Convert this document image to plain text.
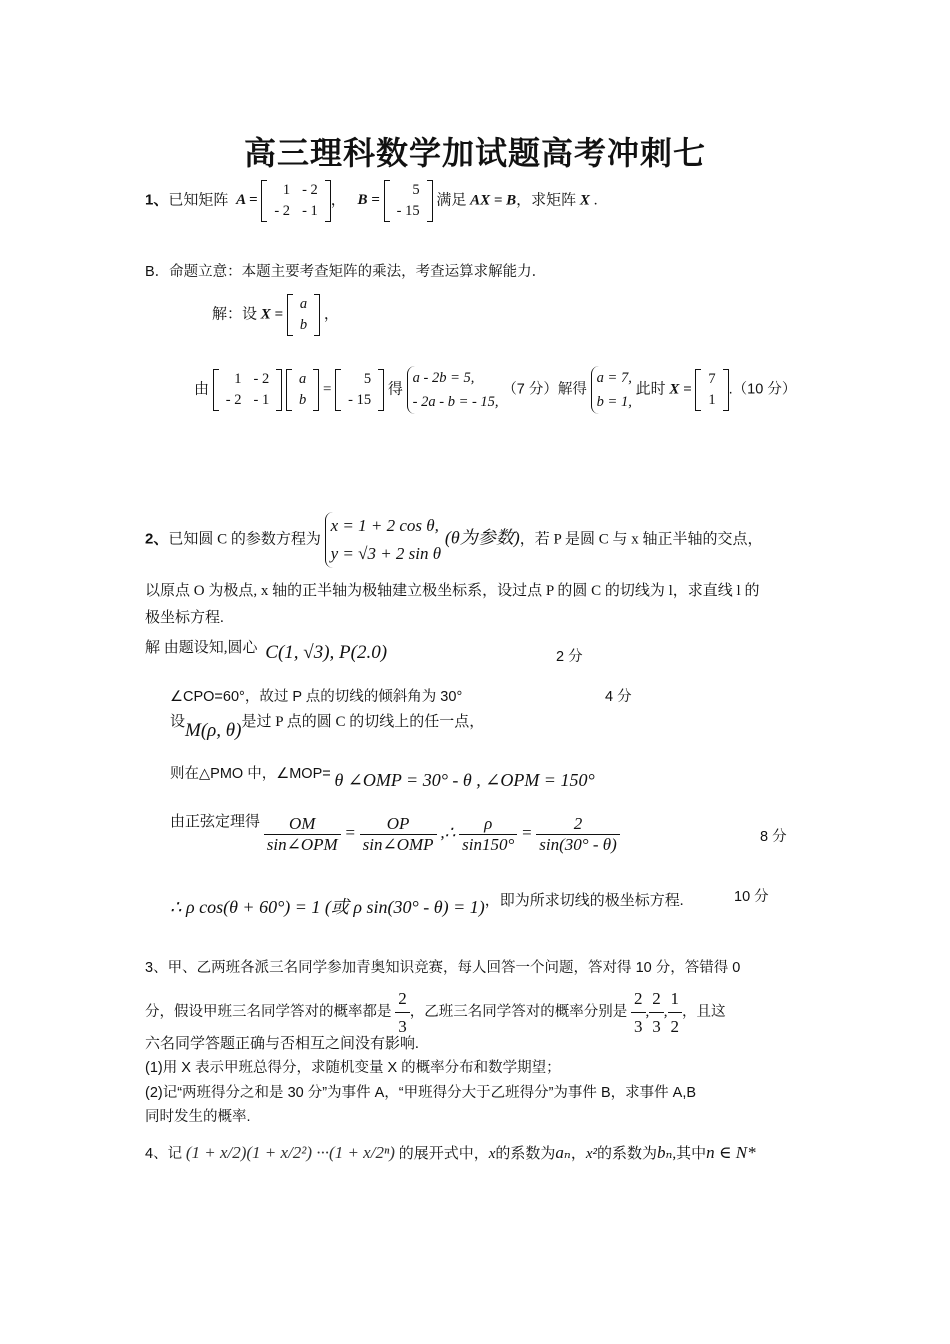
高三理科数学加试题高考冲刺七
1、已知矩阵 A =
1	- 2
- 2	- 1
， B =
5
- 15
满足 AX = B，求矩阵 X .
B．命题立意：本题主要考查矩阵的乘法，考查运算求解能力．
解：设 X =
a
b
，
由
1	- 2
- 2	- 1

a
b
=
5
- 15
得 a - 2b = 5,
- 2a - b = - 15, （7 分）解得 a = 7,
b = 1, 此时 X =
7
1
.（10 分）
2、已知圆 C 的参数方程为 x = 1 + 2 cos θ,
y = √3 + 2 sin θ (θ为参数)，若 P 是圆 C 与 x 轴正半轴的交点，
以原点 O 为极点, x 轴的正半轴为极轴建立极坐标系，设过点 P 的圆 C 的切线为 l，求直线 l 的
极坐标方程.
解 由题设知,圆心 C(1, √3), P(2.0)	2 分
∠CPO=60°，故过 P 点的切线的倾斜角为 30°	4 分
设M(ρ, θ)是过 P 点的圆 C 的切线上的任一点，
则在△PMO 中，∠MOP= θ ∠OMP = 30° - θ , ∠OPM = 150°
由正弦定理得 $\frac{OM}{\text{sin∠OPM}} = \frac{OP}{\text{sin∠OMP}}$ ,∴ $\frac{\rho}{\sin 150^\circ} = \frac{2}{\sin(30^\circ - \theta)}$	8 分
∴ ρ cos(θ + 60°) = 1 (或 ρ sin(30° - θ) = 1)，即为所求切线的极坐标方程.	10 分
3、甲、乙两班各派三名同学参加青奥知识竞赛，每人回答一个问题，答对得 10 分，答错得 0
分，假设甲班三名同学答对的概率都是 $\frac{2}{3}$ ，乙班三名同学答对的概率分别是 $\frac{2}{3}$ , $\frac{2}{3}$ , $\frac{1}{2}$ ，且这
六名同学答题正确与否相互之间没有影响.
(1)用 X 表示甲班总得分，求随机变量 X 的概率分布和数学期望；
(2)记“两班得分之和是 30 分”为事件 A，“甲班得分大于乙班得分”为事件 B，求事件 A,B
同时发生的概率.
4、记 (1 + x/2)(1 + x/2²) ···(1 + x/2ⁿ) 的展开式中，x的系数为aₙ，x²的系数为bₙ,其中n ∈ N*
